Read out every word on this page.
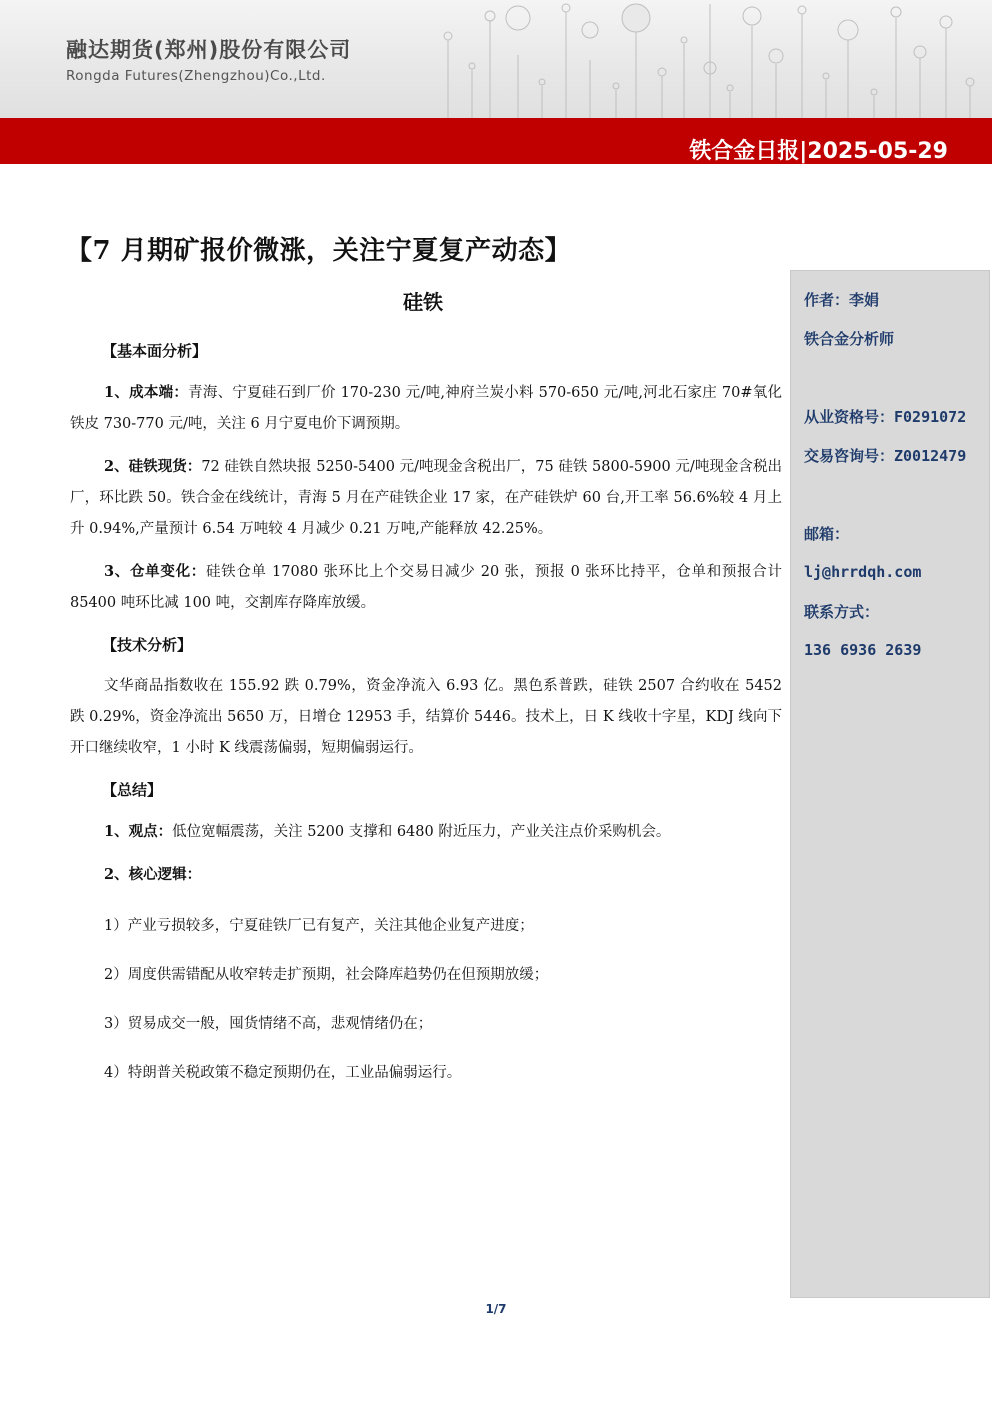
融达期货(郑州)股份有限公司
Rongda Futures(Zhengzhou)Co.,Ltd.
铁合金日报|2025-05-29
【7 月期矿报价微涨，关注宁夏复产动态】
硅铁
【基本面分析】

1、成本端：青海、宁夏硅石到厂价 170-230 元/吨,神府兰炭小料 570-650 元/吨,河北石家庄 70#氧化铁皮 730-770 元/吨，关注 6 月宁夏电价下调预期。

2、硅铁现货：72 硅铁自然块报 5250-5400 元/吨现金含税出厂，75 硅铁 5800-5900 元/吨现金含税出厂，环比跌 50。铁合金在线统计，青海 5 月在产硅铁企业 17 家，在产硅铁炉 60 台,开工率 56.6%较 4 月上升 0.94%,产量预计 6.54 万吨较 4 月减少 0.21 万吨,产能释放 42.25%。

3、仓单变化：硅铁仓单 17080 张环比上个交易日减少 20 张，预报 0 张环比持平，仓单和预报合计 85400 吨环比减 100 吨，交割库存降库放缓。

【技术分析】

文华商品指数收在 155.92 跌 0.79%，资金净流入 6.93 亿。黑色系普跌，硅铁 2507 合约收在 5452 跌 0.29%，资金净流出 5650 万，日增仓 12953 手，结算价 5446。技术上，日 K 线收十字星，KDJ 线向下开口继续收窄，1 小时 K 线震荡偏弱，短期偏弱运行。

【总结】

1、观点：低位宽幅震荡，关注 5200 支撑和 6480 附近压力，产业关注点价采购机会。

2、核心逻辑：

1）产业亏损较多，宁夏硅铁厂已有复产，关注其他企业复产进度；
2）周度供需错配从收窄转走扩预期，社会降库趋势仍在但预期放缓；
3）贸易成交一般，囤货情绪不高，悲观情绪仍在；
4）特朗普关税政策不稳定预期仍在，工业品偏弱运行。
作者：李娟
铁合金分析师
从业资格号：F0291072
交易咨询号：Z0012479
邮箱：
lj@hrrdqh.com
联系方式：
136 6936 2639
1/7
